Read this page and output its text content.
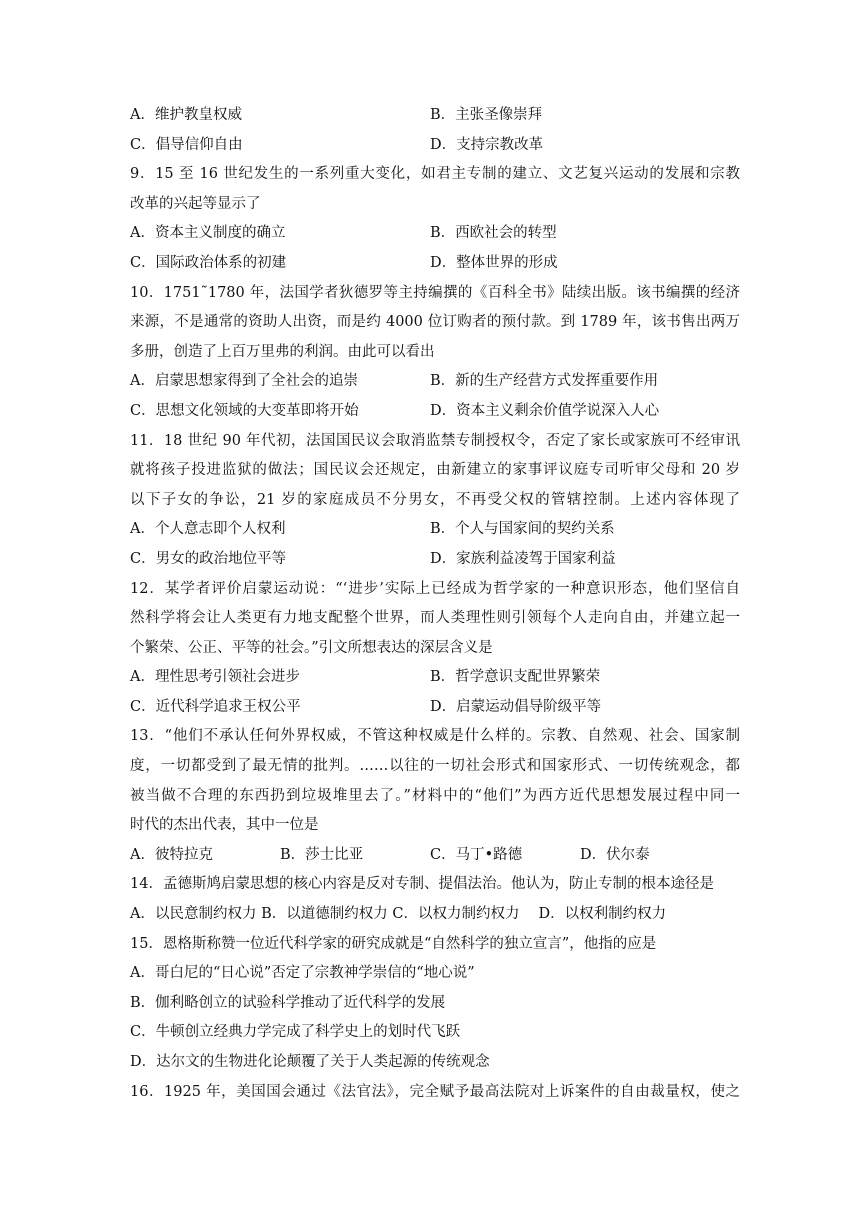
A．维护教皇权威	B．主张圣像崇拜
C．倡导信仰自由	D．支持宗教改革
9．15 至 16 世纪发生的一系列重大变化，如君主专制的建立、文艺复兴运动的发展和宗教
改革的兴起等显示了
A．资本主义制度的确立	B．西欧社会的转型
C．国际政治体系的初建	D．整体世界的形成
10．1751˜1780 年，法国学者狄德罗等主持编撰的《百科全书》陆续出版。该书编撰的经济
来源，不是通常的资助人出资，而是约 4000 位订购者的预付款。到 1789 年，该书售出两万
多册，创造了上百万里弗的利润。由此可以看出
A．启蒙思想家得到了全社会的追崇	B．新的生产经营方式发挥重要作用
C．思想文化领域的大变革即将开始	D．资本主义剩余价值学说深入人心
11．18 世纪 90 年代初，法国国民议会取消监禁专制授权令，否定了家长或家族可不经审讯
就将孩子投进监狱的做法；国民议会还规定，由新建立的家事评议庭专司听审父母和 20 岁
以下子女的争讼，21 岁的家庭成员不分男女，不再受父权的管辖控制。上述内容体现了
A．个人意志即个人权利	B．个人与国家间的契约关系
C．男女的政治地位平等	D．家族利益凌驾于国家利益
12．某学者评价启蒙运动说：“‘进步’实际上已经成为哲学家的一种意识形态，他们坚信自
然科学将会让人类更有力地支配整个世界，而人类理性则引领每个人走向自由，并建立起一
个繁荣、公正、平等的社会。”引文所想表达的深层含义是
A．理性思考引领社会进步	B．哲学意识支配世界繁荣
C．近代科学追求王权公平	D．启蒙运动倡导阶级平等
13．“他们不承认任何外界权威，不管这种权威是什么样的。宗教、自然观、社会、国家制
度，一切都受到了最无情的批判。……以往的一切社会形式和国家形式、一切传统观念，都
被当做不合理的东西扔到垃圾堆里去了。”材料中的“他们”为西方近代思想发展过程中同一
时代的杰出代表，其中一位是
A．彼特拉克	B．莎士比亚	C．马丁•路德	D．伏尔泰
14．孟德斯鸠启蒙思想的核心内容是反对专制、提倡法治。他认为，防止专制的根本途径是
A．以民意制约权力 B．以道德制约权力 C．以权力制约权力　 D．以权利制约权力
15．恩格斯称赞一位近代科学家的研究成就是“自然科学的独立宣言”，他指的应是
A．哥白尼的“日心说”否定了宗教神学崇信的“地心说”
B．伽利略创立的试验科学推动了近代科学的发展
C．牛顿创立经典力学完成了科学史上的划时代飞跃
D．达尔文的生物进化论颠覆了关于人类起源的传统观念
16．1925 年，美国国会通过《法官法》，完全赋予最高法院对上诉案件的自由裁量权，使之
